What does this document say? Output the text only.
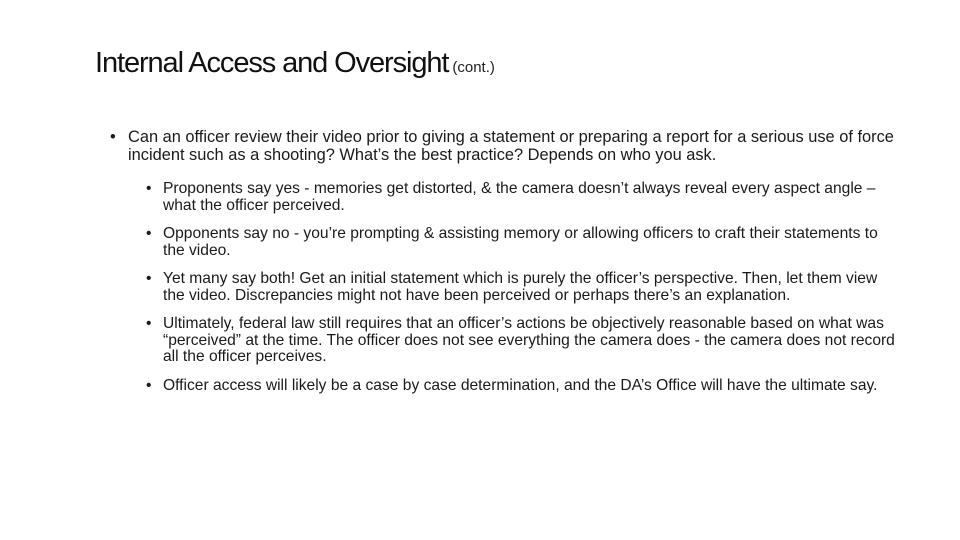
Internal Access and Oversight (cont.)
• Can an officer review their video prior to giving a statement or preparing a report for a serious use of force incident such as a shooting? What’s the best practice? Depends on who you ask.
• Proponents say yes - memories get distorted, & the camera doesn’t always reveal every aspect angle – what the officer perceived.
• Opponents say no - you’re prompting & assisting memory or allowing officers to craft their statements to the video.
• Yet many say both! Get an initial statement which is purely the officer’s perspective. Then, let them view the video. Discrepancies might not have been perceived or perhaps there’s an explanation.
• Ultimately, federal law still requires that an officer’s actions be objectively reasonable based on what was “perceived” at the time. The officer does not see everything the camera does - the camera does not record all the officer perceives.
• Officer access will likely be a case by case determination, and the DA’s Office will have the ultimate say.
